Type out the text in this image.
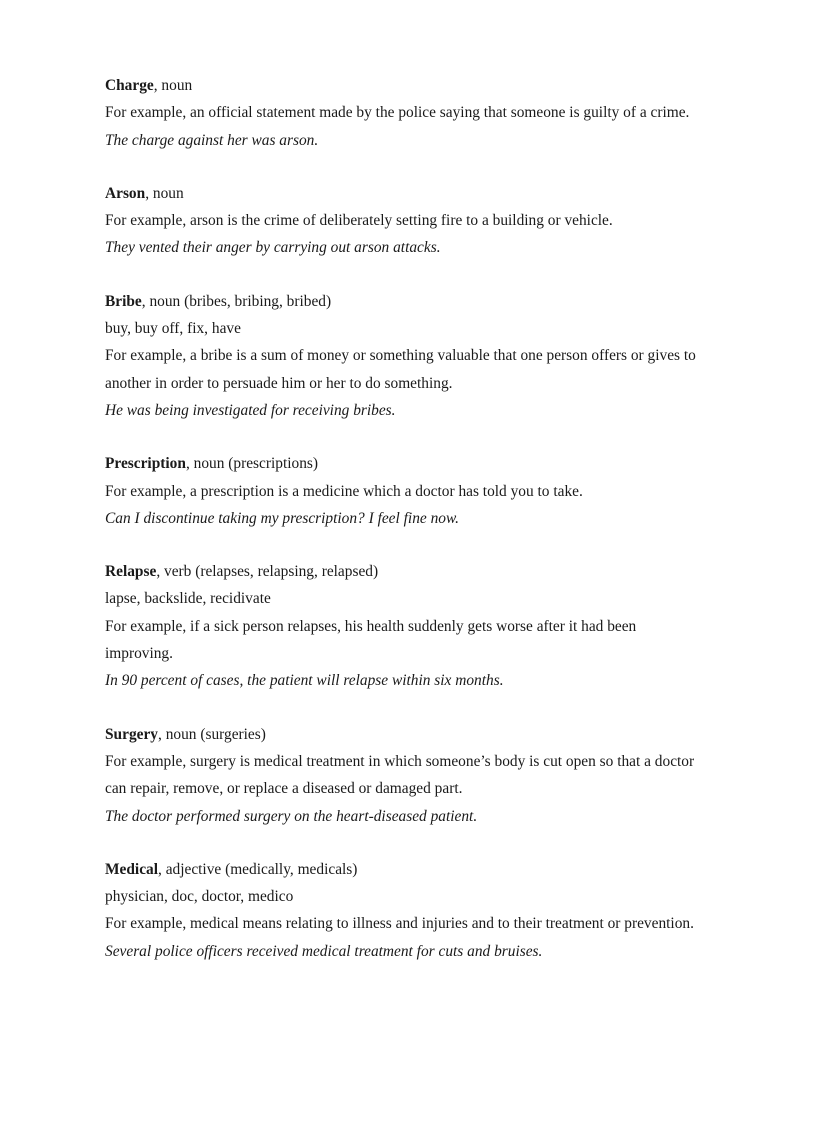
Charge, noun

For example, an official statement made by the police saying that someone is guilty of a crime.

The charge against her was arson.

Arson, noun

For example, arson is the crime of deliberately setting fire to a building or vehicle.

They vented their anger by carrying out arson attacks.

Bribe, noun (bribes, bribing, bribed)

buy, buy off, fix, have

For example, a bribe is a sum of money or something valuable that one person offers or gives to another in order to persuade him or her to do something.

He was being investigated for receiving bribes.

Prescription, noun (prescriptions)

For example, a prescription is a medicine which a doctor has told you to take.

Can I discontinue taking my prescription? I feel fine now.

Relapse, verb (relapses, relapsing, relapsed)

lapse, backslide, recidivate

For example, if a sick person relapses, his health suddenly gets worse after it had been improving.

In 90 percent of cases, the patient will relapse within six months.

Surgery, noun (surgeries)

For example, surgery is medical treatment in which someone’s body is cut open so that a doctor can repair, remove, or replace a diseased or damaged part.

The doctor performed surgery on the heart-diseased patient.

Medical, adjective (medically, medicals)

physician, doc, doctor, medico

For example, medical means relating to illness and injuries and to their treatment or prevention.

Several police officers received medical treatment for cuts and bruises.
